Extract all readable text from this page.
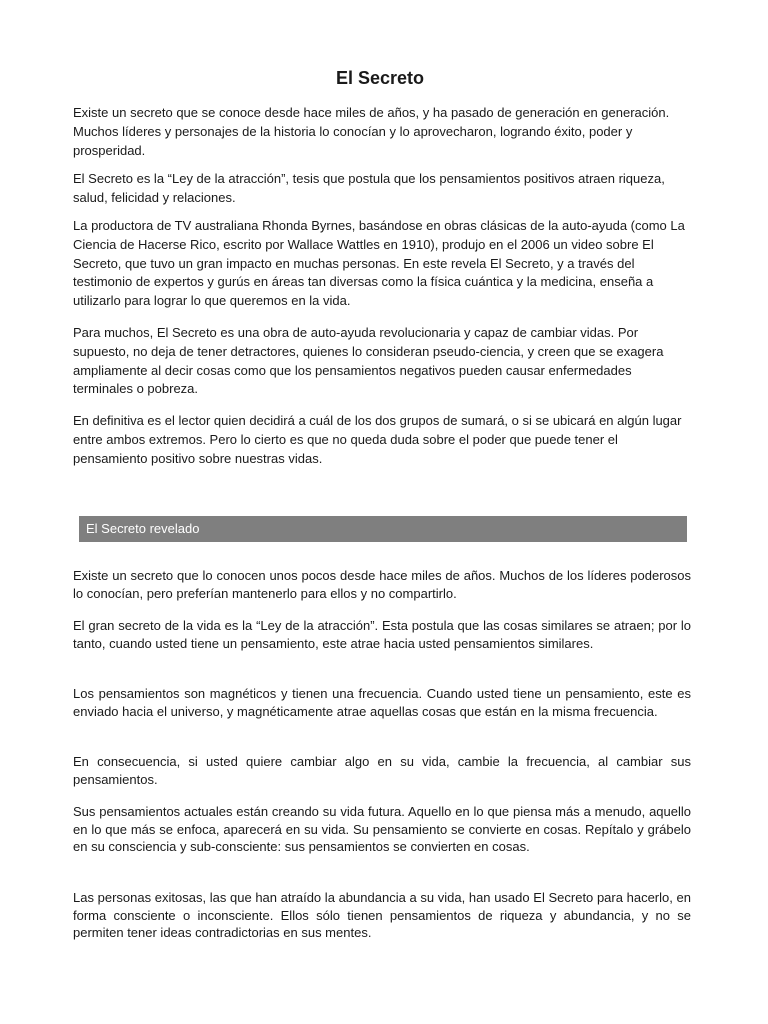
El Secreto

Existe un secreto que se conoce desde hace miles de años, y ha pasado de generación en generación. Muchos líderes y personajes de la historia lo conocían y lo aprovecharon, logrando éxito, poder y prosperidad.

El Secreto es la “Ley de la atracción”, tesis que postula que los pensamientos positivos atraen riqueza, salud, felicidad y relaciones.

La productora de TV australiana Rhonda Byrnes, basándose en obras clásicas de la auto-ayuda (como La Ciencia de Hacerse Rico, escrito por Wallace Wattles en 1910), produjo en el 2006 un video sobre El Secreto, que tuvo un gran impacto en muchas personas. En este revela El Secreto, y a través del testimonio de expertos y gurús en áreas tan diversas como la física cuántica y la medicina, enseña a utilizarlo para lograr lo que queremos en la vida.

Para muchos, El Secreto es una obra de auto-ayuda revolucionaria y capaz de cambiar vidas. Por supuesto, no deja de tener detractores, quienes lo consideran pseudo-ciencia, y creen que se exagera ampliamente al decir cosas como que los pensamientos negativos pueden causar enfermedades terminales o pobreza.

En definitiva es el lector quien decidirá a cuál de los dos grupos de sumará, o si se ubicará en algún lugar entre ambos extremos. Pero lo cierto es que no queda duda sobre el poder que puede tener el pensamiento positivo sobre nuestras vidas.

El Secreto revelado

Existe un secreto que lo conocen unos pocos desde hace miles de años. Muchos de los líderes poderosos lo conocían, pero preferían mantenerlo para ellos y no compartirlo.

El gran secreto de la vida es la “Ley de la atracción”. Esta postula que las cosas similares se atraen; por lo tanto, cuando usted tiene un pensamiento, este atrae hacia usted pensamientos similares.

Los pensamientos son magnéticos y tienen una frecuencia. Cuando usted tiene un pensamiento, este es enviado hacia el universo, y magnéticamente atrae aquellas cosas que están en la misma frecuencia.

En consecuencia, si usted quiere cambiar algo en su vida, cambie la frecuencia, al cambiar sus pensamientos.

Sus pensamientos actuales están creando su vida futura. Aquello en lo que piensa más a menudo, aquello en lo que más se enfoca, aparecerá en su vida. Su pensamiento se convierte en cosas. Repítalo y grábelo en su consciencia y sub-consciente: sus pensamientos se convierten en cosas.

Las personas exitosas, las que han atraído la abundancia a su vida, han usado El Secreto para hacerlo, en forma consciente o inconsciente. Ellos sólo tienen pensamientos de riqueza y abundancia, y no se permiten tener ideas contradictorias en sus mentes.
